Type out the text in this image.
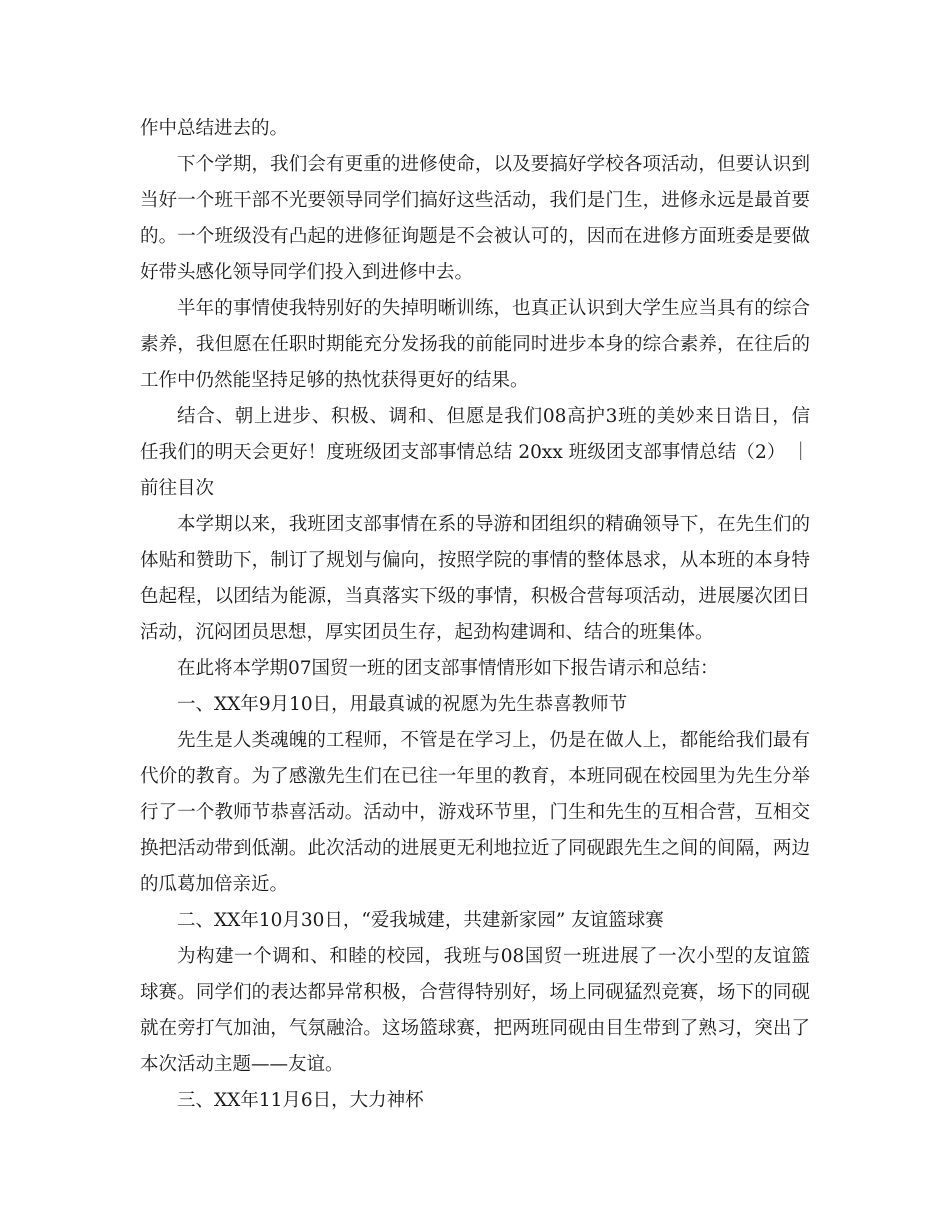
作中总结进去的。
下个学期，我们会有更重的进修使命，以及要搞好学校各项活动，但要认识到
当好一个班干部不光要领导同学们搞好这些活动，我们是门生，进修永远是最首要
的。一个班级没有凸起的进修征询题是不会被认可的，因而在进修方面班委是要做
好带头感化领导同学们投入到进修中去。
半年的事情使我特别好的失掉明晰训练，也真正认识到大学生应当具有的综合
素养，我但愿在任职时期能充分发扬我的前能同时进步本身的综合素养，在往后的
工作中仍然能坚持足够的热忱获得更好的结果。
结合、朝上进步、积极、调和、但愿是我们08高护3班的美妙来日诰日，信
任我们的明天会更好！度班级团支部事情总结 20xx 班级团支部事情总结（2） ｜
前往目次
本学期以来，我班团支部事情在系的导游和团组织的精确领导下，在先生们的
体贴和赞助下，制订了规划与偏向，按照学院的事情的整体恳求，从本班的本身特
色起程，以团结为能源，当真落实下级的事情，积极合营每项活动，进展屡次团日
活动，沉闷团员思想，厚实团员生存，起劲构建调和、结合的班集体。
在此将本学期07国贸一班的团支部事情情形如下报告请示和总结：
一、XX年9月10日，用最真诚的祝愿为先生恭喜教师节
先生是人类魂魄的工程师，不管是在学习上，仍是在做人上，都能给我们最有
代价的教育。为了感激先生们在已往一年里的教育，本班同砚在校园里为先生分举
行了一个教师节恭喜活动。活动中，游戏环节里，门生和先生的互相合营，互相交
换把活动带到低潮。此次活动的进展更无利地拉近了同砚跟先生之间的间隔，两边
的瓜葛加倍亲近。
二、XX年10月30日，“爱我城建，共建新家园” 友谊篮球赛
为构建一个调和、和睦的校园，我班与08国贸一班进展了一次小型的友谊篮
球赛。同学们的表达都异常积极，合营得特别好，场上同砚猛烈竞赛，场下的同砚
就在旁打气加油，气氛融洽。这场篮球赛，把两班同砚由目生带到了熟习，突出了
本次活动主题——友谊。
三、XX年11月6日，大力神杯
